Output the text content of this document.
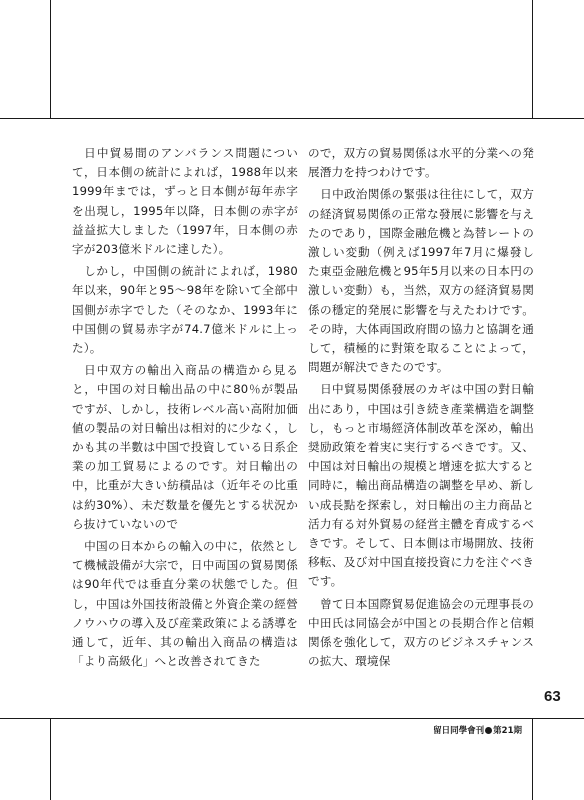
日中貿易間のアンバランス問題について，日本側の統計によれば，1988年以来1999年までは，ずっと日本側が毎年赤字を出現し，1995年以降，日本側の赤字が益益拡大しました（1997年，日本側の赤字が203億米ドルに達した）。

しかし，中国側の統計によれば，1980年以来，90年と95〜98年を除いて全部中国側が赤字でした（そのなか、1993年に中国側の貿易赤字が74.7億米ドルに上った）。

日中双方の輸出入商品の構造から見ると，中国の対日輸出品の中に80％が製品ですが、しかし，技術レベル高い高附加価値の製品の対日輸出は相対的に少なく，しかも其の半數は中国で投資している日系企業の加工貿易によるのです。対日輸出の中，比重が大きい紡積品は（近年その比重は約30%）、未だ数量を優先とする状況から抜けていないので

中国の日本からの輸入の中に，依然として機械設備が大宗で，日中両国の貿易関係は90年代では垂直分業の状態でした。但し，中国は外国技術設備と外資企業の經營ノウハウの導入及び産業政策による誘導を通して，近年、其の輸出入商品の構造は「より高級化」へと改善されてきた

ので，双方の貿易関係は水平的分業への発展潛力を持つわけです。

日中政治関係の緊張は往往にして，双方の経済貿易関係の正常な發展に影響を与えたのであり，国際金融危機と為替レートの激しい変動（例えば1997年7月に爆發した東亞金融危機と95年5月以来の日本円の激しい変動）も，当然，双方の経済貿易関係の穩定的発展に影響を与えたわけです。その時，大体両国政府間の協力と協調を通して，積極的に對策を取ることによって，問題が解決できたのです。

日中貿易関係發展のカギは中国の對日輸出にあり，中国は引き続き產業構造を調整し，もっと市場經済体制改革を深め，輸出奨励政策を着実に実行するべきです。又、中国は対日輸出の規模と增速を拡大すると同時に，輸出商品構造の調整を早め、新しい成長點を探索し，対日輸出の主力商品と活力有る対外貿易の経営主體を育成するべきです。そして、日本側は市場開放、技術移転、及び対中国直接投資に力を注ぐべきです。

曾て日本国際貿易促進協会の元理事長の中田氏は同協会が中国との長期合作と信頼関係を強化して，双方のビジネスチャンスの拡大、環境保

63
留日同學會刊 第21期
